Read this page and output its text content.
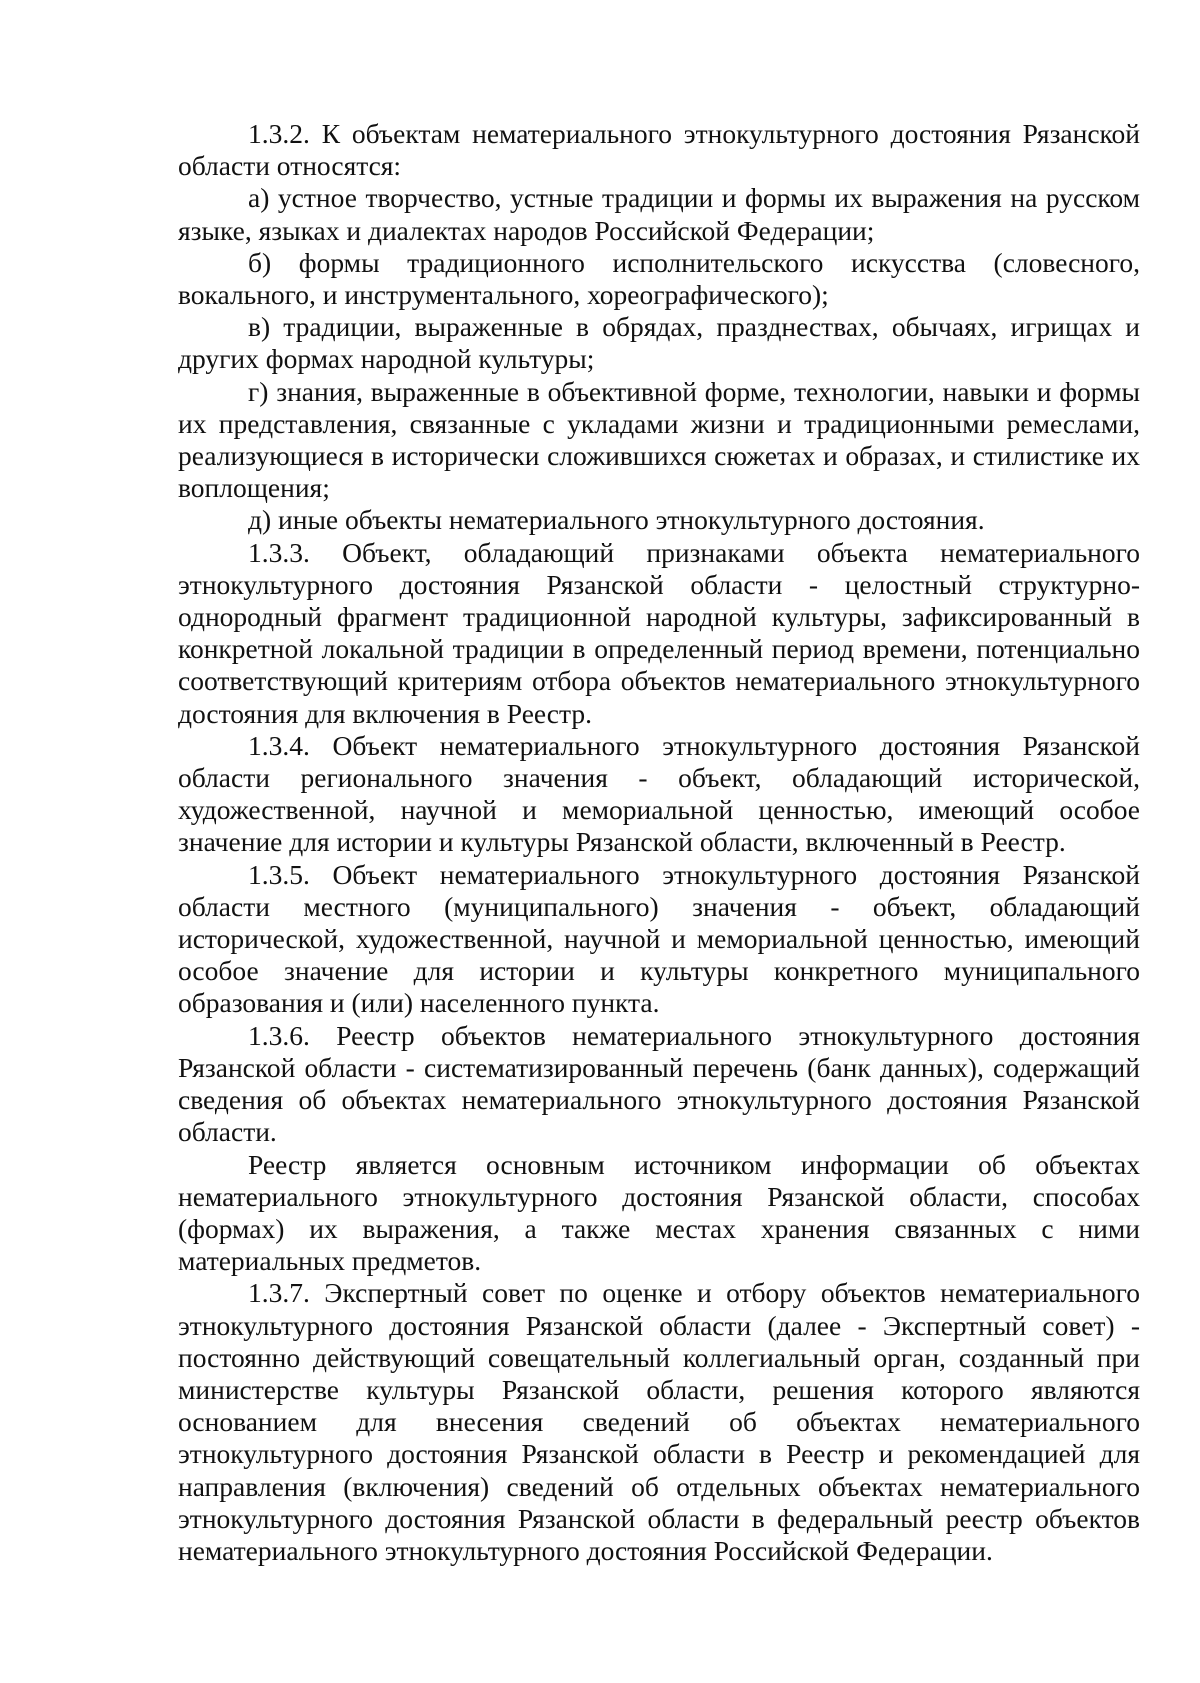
1.3.2. К объектам нематериального этнокультурного достояния Рязанской области относятся:

а) устное творчество, устные традиции и формы их выражения на русском языке, языках и диалектах народов Российской Федерации;

б) формы традиционного исполнительского искусства (словесного, вокального, и инструментального, хореографического);

в) традиции, выраженные в обрядах, празднествах, обычаях, игрищах и других формах народной культуры;

г) знания, выраженные в объективной форме, технологии, навыки и формы их представления, связанные с укладами жизни и традиционными ремеслами, реализующиеся в исторически сложившихся сюжетах и образах, и стилистике их воплощения;

д) иные объекты нематериального этнокультурного достояния.

1.3.3. Объект, обладающий признаками объекта нематериального этнокультурного достояния Рязанской области - целостный структурно-однородный фрагмент традиционной народной культуры, зафиксированный в конкретной локальной традиции в определенный период времени, потенциально соответствующий критериям отбора объектов нематериального этнокультурного достояния для включения в Реестр.

1.3.4. Объект нематериального этнокультурного достояния Рязанской области регионального значения - объект, обладающий исторической, художественной, научной и мемориальной ценностью, имеющий особое значение для истории и культуры Рязанской области, включенный в Реестр.

1.3.5. Объект нематериального этнокультурного достояния Рязанской области местного (муниципального) значения - объект, обладающий исторической, художественной, научной и мемориальной ценностью, имеющий особое значение для истории и культуры конкретного муниципального образования и (или) населенного пункта.

1.3.6. Реестр объектов нематериального этнокультурного достояния Рязанской области - систематизированный перечень (банк данных), содержащий сведения об объектах нематериального этнокультурного достояния Рязанской области.

Реестр является основным источником информации об объектах нематериального этнокультурного достояния Рязанской области, способах (формах) их выражения, а также местах хранения связанных с ними материальных предметов.

1.3.7. Экспертный совет по оценке и отбору объектов нематериального этнокультурного достояния Рязанской области (далее - Экспертный совет) - постоянно действующий совещательный коллегиальный орган, созданный при министерстве культуры Рязанской области, решения которого являются основанием для внесения сведений об объектах нематериального этнокультурного достояния Рязанской области в Реестр и рекомендацией для направления (включения) сведений об отдельных объектах нематериального этнокультурного достояния Рязанской области в федеральный реестр объектов нематериального этнокультурного достояния Российской Федерации.
